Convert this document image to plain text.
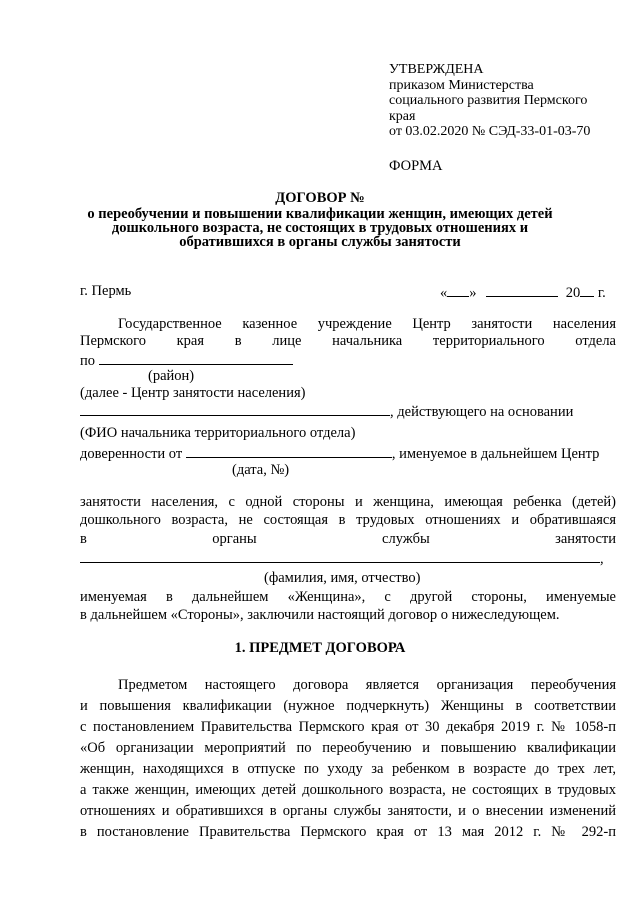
УТВЕРЖДЕНА
приказом Министерства
социального развития Пермского
края
от 03.02.2020 № СЭД-33-01-03-70
ФОРМА
ДОГОВОР №
о переобучении и повышении квалификации женщин, имеющих детей
дошкольного возраста, не состоящих в трудовых отношениях и
обратившихся в органы службы занятости
г. Пермь	« »	20 г.
Государственное казенное учреждение Центр занятости населения
Пермского края в лице начальника территориального отдела
по
(район)
(далее - Центр занятости населения)
, действующего на основании
(ФИО начальника территориального отдела)
доверенности от	, именуемое в дальнейшем Центр
(дата, №)
занятости населения, с одной стороны и женщина, имеющая ребенка (детей)
дошкольного возраста, не состоящая в трудовых отношениях и обратившаяся
в органы службы занятости
,
(фамилия, имя, отчество)
именуемая в дальнейшем «Женщина», с другой стороны, именуемые
в дальнейшем «Стороны», заключили настоящий договор о нижеследующем.
1. ПРЕДМЕТ ДОГОВОРА
Предметом настоящего договора является организация переобучения
и повышения квалификации (нужное подчеркнуть) Женщины в соответствии
с постановлением Правительства Пермского края от 30 декабря 2019 г. № 1058-п
«Об организации мероприятий по переобучению и повышению квалификации
женщин, находящихся в отпуске по уходу за ребенком в возрасте до трех лет,
а также женщин, имеющих детей дошкольного возраста, не состоящих в трудовых
отношениях и обратившихся в органы службы занятости, и о внесении изменений
в постановление Правительства Пермского края от 13 мая 2012 г. № 292-п
